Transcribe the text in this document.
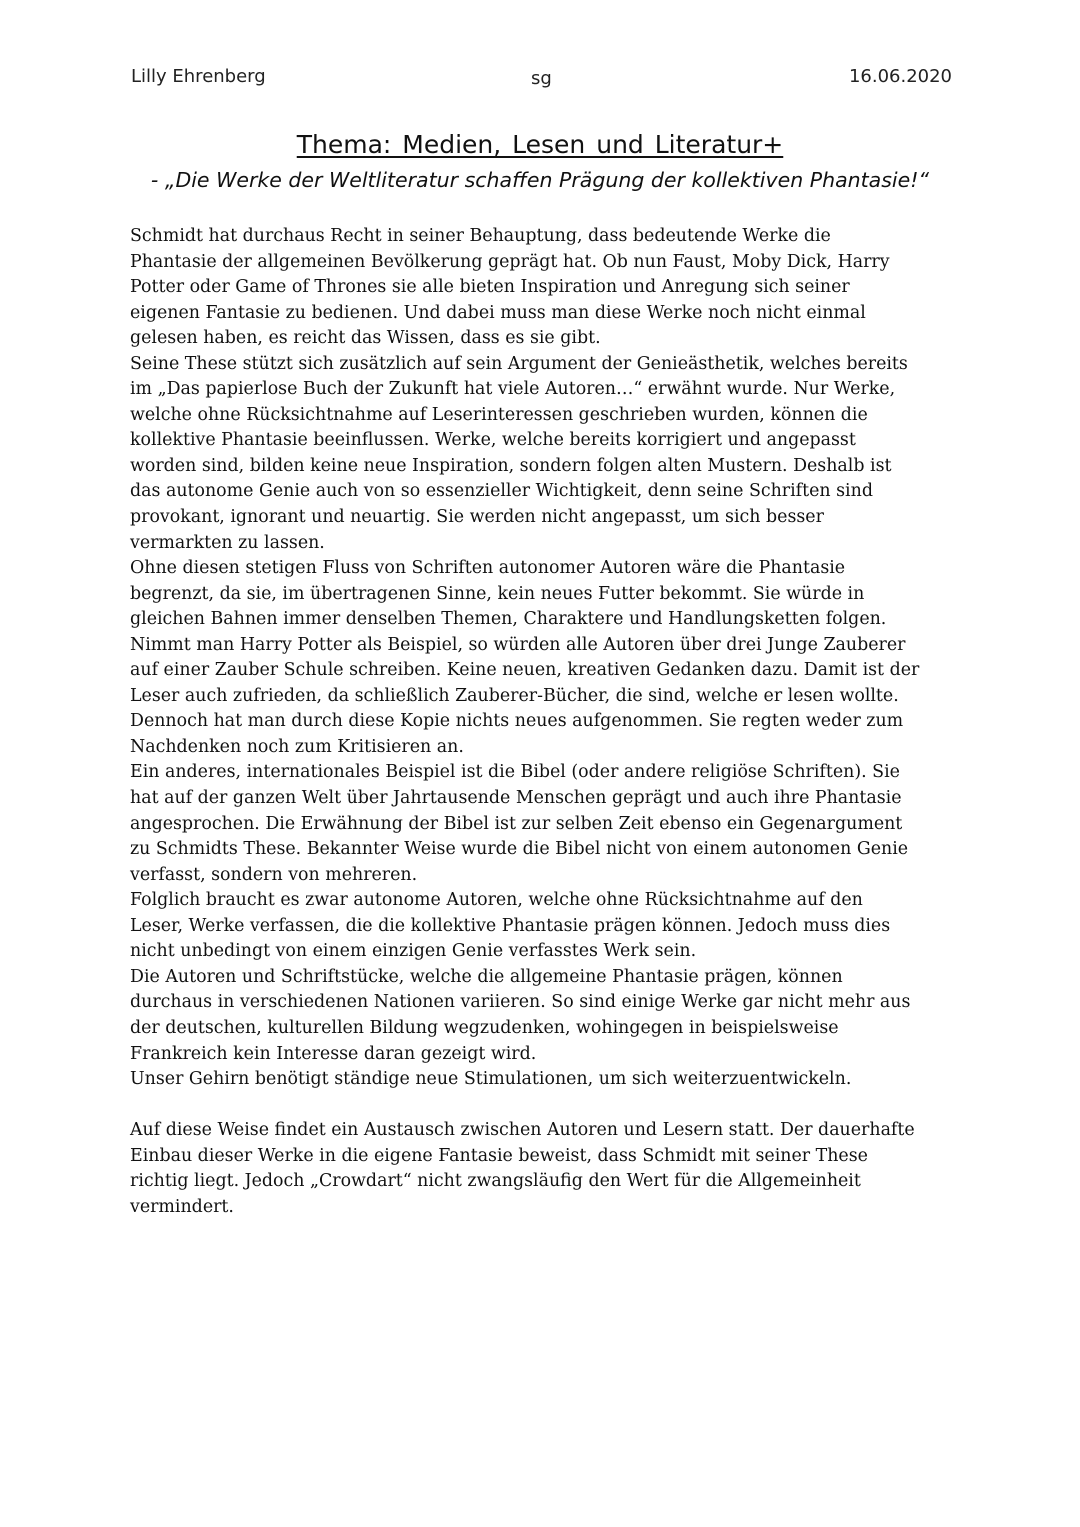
Lilly Ehrenberg	sg	16.06.2020
Thema: Medien, Lesen und Literatur+
- „Die Werke der Weltliteratur schaffen Prägung der kollektiven Phantasie!“
Schmidt hat durchaus Recht in seiner Behauptung, dass bedeutende Werke die
Phantasie der allgemeinen Bevölkerung geprägt hat. Ob nun Faust, Moby Dick, Harry
Potter oder Game of Thrones sie alle bieten Inspiration und Anregung sich seiner
eigenen Fantasie zu bedienen. Und dabei muss man diese Werke noch nicht einmal
gelesen haben, es reicht das Wissen, dass es sie gibt.
Seine These stützt sich zusätzlich auf sein Argument der Genieästhetik, welches bereits
im „Das papierlose Buch der Zukunft hat viele Autoren…“ erwähnt wurde. Nur Werke,
welche ohne Rücksichtnahme auf Leserinteressen geschrieben wurden, können die
kollektive Phantasie beeinflussen. Werke, welche bereits korrigiert und angepasst
worden sind, bilden keine neue Inspiration, sondern folgen alten Mustern. Deshalb ist
das autonome Genie auch von so essenzieller Wichtigkeit, denn seine Schriften sind
provokant, ignorant und neuartig. Sie werden nicht angepasst, um sich besser
vermarkten zu lassen.
Ohne diesen stetigen Fluss von Schriften autonomer Autoren wäre die Phantasie
begrenzt, da sie, im übertragenen Sinne, kein neues Futter bekommt. Sie würde in
gleichen Bahnen immer denselben Themen, Charaktere und Handlungsketten folgen.
Nimmt man Harry Potter als Beispiel, so würden alle Autoren über drei Junge Zauberer
auf einer Zauber Schule schreiben. Keine neuen, kreativen Gedanken dazu. Damit ist der
Leser auch zufrieden, da schließlich Zauberer-Bücher, die sind, welche er lesen wollte.
Dennoch hat man durch diese Kopie nichts neues aufgenommen. Sie regten weder zum
Nachdenken noch zum Kritisieren an.
Ein anderes, internationales Beispiel ist die Bibel (oder andere religiöse Schriften). Sie
hat auf der ganzen Welt über Jahrtausende Menschen geprägt und auch ihre Phantasie
angesprochen. Die Erwähnung der Bibel ist zur selben Zeit ebenso ein Gegenargument
zu Schmidts These. Bekannter Weise wurde die Bibel nicht von einem autonomen Genie
verfasst, sondern von mehreren.
Folglich braucht es zwar autonome Autoren, welche ohne Rücksichtnahme auf den
Leser, Werke verfassen, die die kollektive Phantasie prägen können. Jedoch muss dies
nicht unbedingt von einem einzigen Genie verfasstes Werk sein.
Die Autoren und Schriftstücke, welche die allgemeine Phantasie prägen, können
durchaus in verschiedenen Nationen variieren. So sind einige Werke gar nicht mehr aus
der deutschen, kulturellen Bildung wegzudenken, wohingegen in beispielsweise
Frankreich kein Interesse daran gezeigt wird.
Unser Gehirn benötigt ständige neue Stimulationen, um sich weiterzuentwickeln.
Auf diese Weise findet ein Austausch zwischen Autoren und Lesern statt. Der dauerhafte
Einbau dieser Werke in die eigene Fantasie beweist, dass Schmidt mit seiner These
richtig liegt. Jedoch „Crowdart“ nicht zwangsläufig den Wert für die Allgemeinheit
vermindert.
